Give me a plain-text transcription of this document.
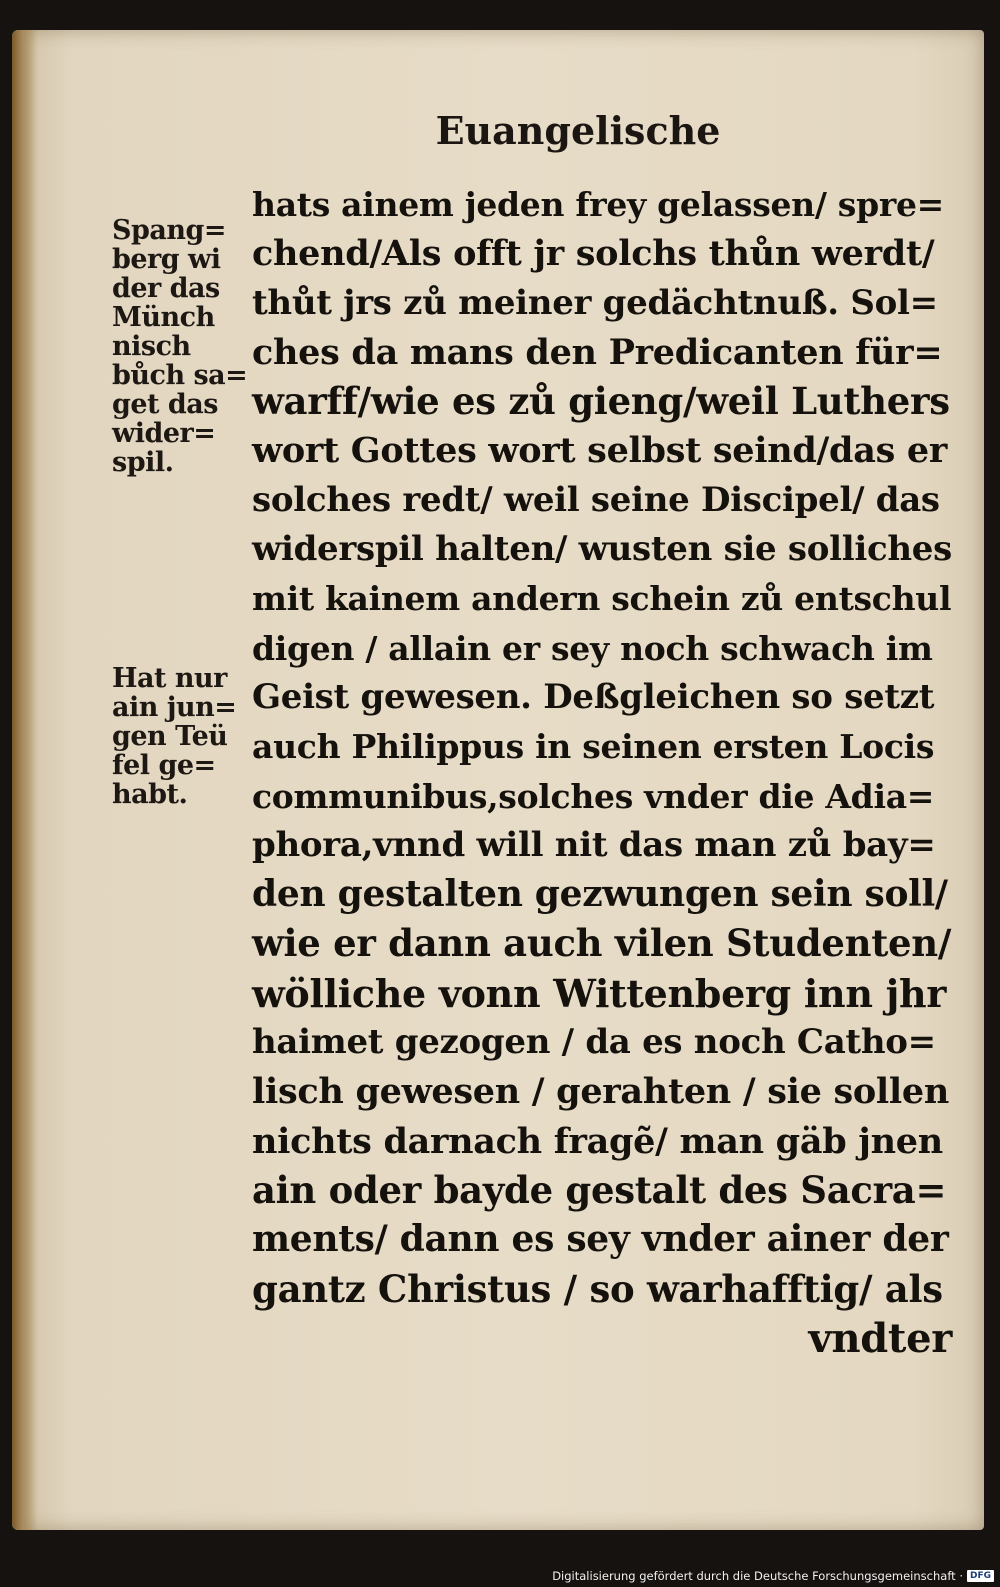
Euangelische
Spang=
berg wi
der das
Münch
nisch
bůch sa=
get das
wider=
spil.
Hat nur
ain jun=
gen Teü
fel ge=
habt.
hats ainem jeden frey gelassen/ spre=
chend/Als offt jr solchs thůn werdt/
thůt jrs zů meiner gedächtnuß. Sol=
ches da mans den Predicanten für=
warff/wie es zů gieng/weil Luthers
wort Gottes wort selbst seind/das er
solches redt/ weil seine Discipel/ das
widerspil halten/ wusten sie solliches
mit kainem andern schein zů entschul
digen / allain er sey noch schwach im
Geist gewesen. Deßgleichen so setzt
auch Philippus in seinen ersten Locis
communibus,solches vnder die Adia=
phora,vnnd will nit das man zů bay=
den gestalten gezwungen sein soll/
wie er dann auch vilen Studenten/
wölliche vonn Wittenberg inn jhr
haimet gezogen / da es noch Catho=
lisch gewesen / gerahten / sie sollen
nichts darnach fragẽ/ man gäb jnen
ain oder bayde gestalt des Sacra=
ments/ dann es sey vnder ainer der
gantz Christus / so warhafftig/ als
vndter
Digitalisierung gefördert durch die Deutsche Forschungsgemeinschaft · DFG
